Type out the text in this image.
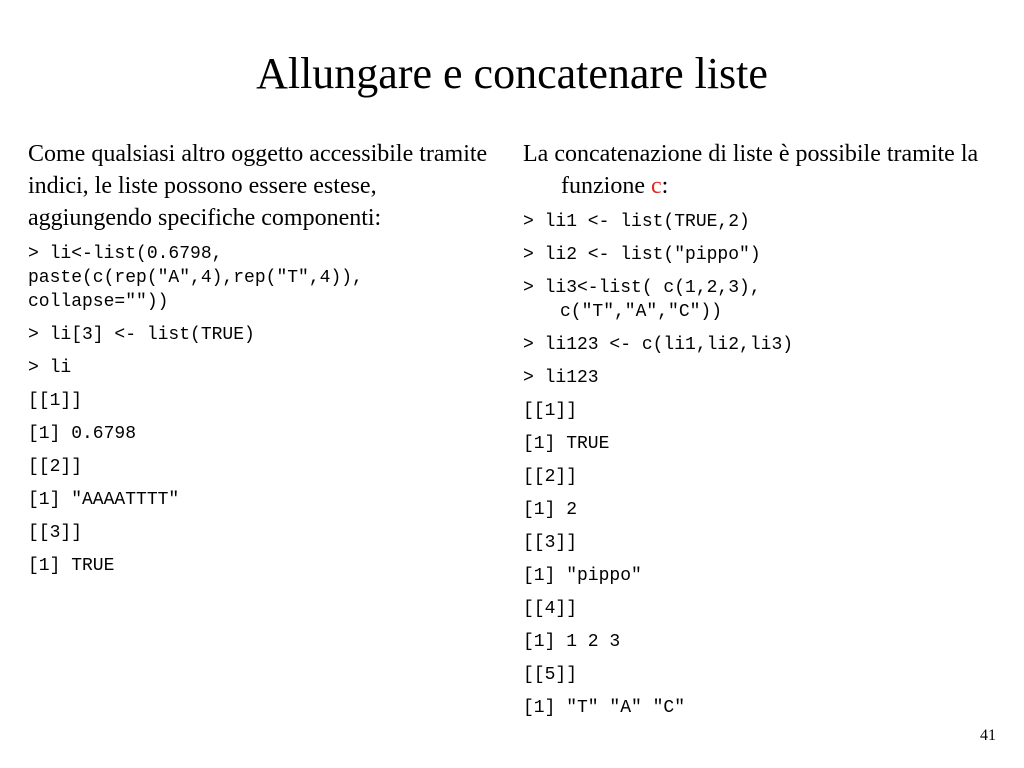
Allungare e concatenare liste

Come qualsiasi altro oggetto accessibile tramite indici, le liste possono essere estese, aggiungendo specifiche componenti:

> li<-list(0.6798, paste(c(rep("A",4),rep("T",4)), collapse=""))

> li[3] <- list(TRUE)

> li

[[1]]

[1] 0.6798

[[2]]

[1] "AAAATTTT"

[[3]]

[1] TRUE

La concatenazione di liste è possibile tramite la funzione c:

> li1 <- list(TRUE,2)

> li2 <- list("pippo")

> li3<-list( c(1,2,3), c("T","A","C"))

> li123 <- c(li1,li2,li3)

> li123

[[1]]

[1] TRUE

[[2]]

[1] 2

[[3]]

[1] "pippo"

[[4]]

[1] 1 2 3

[[5]]

[1] "T" "A" "C"

41
